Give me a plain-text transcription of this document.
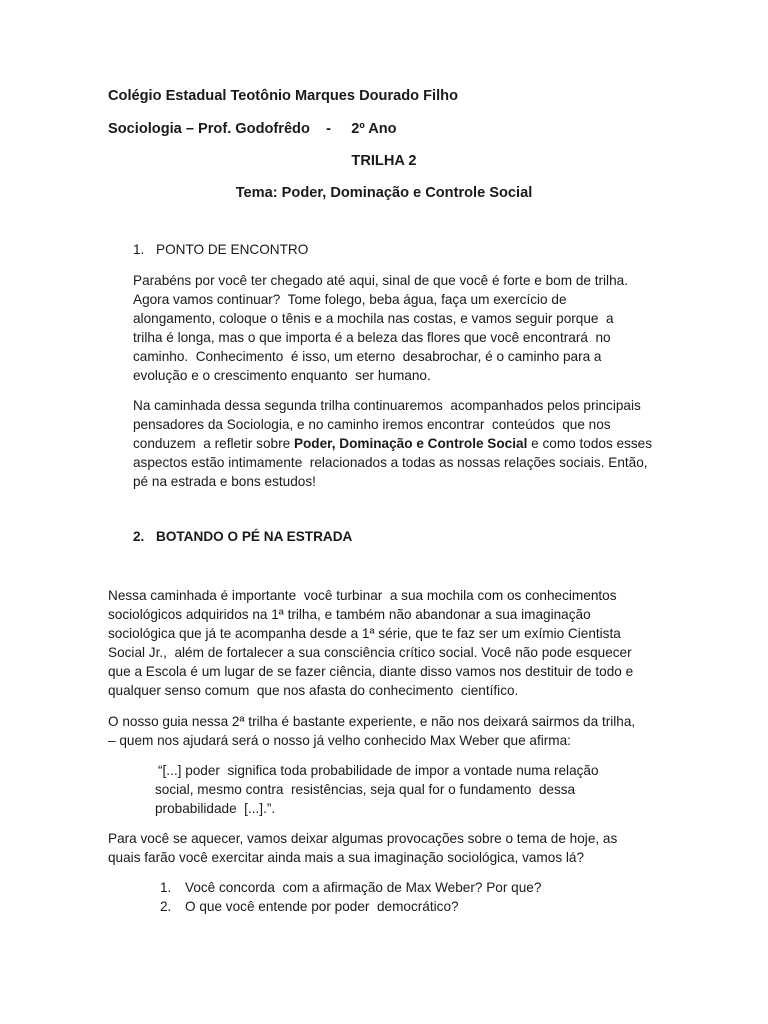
Colégio Estadual Teotônio Marques Dourado Filho
Sociologia – Prof. Godofrêdo    -     2º Ano
TRILHA 2
Tema: Poder, Dominação e Controle Social
1. PONTO DE ENCONTRO
Parabéns por você ter chegado até aqui, sinal de que você é forte e bom de trilha.
Agora vamos continuar?  Tome folego, beba água, faça um exercício de
alongamento, coloque o tênis e a mochila nas costas, e vamos seguir porque  a
trilha é longa, mas o que importa é a beleza das flores que você encontrará  no
caminho.  Conhecimento  é isso, um eterno  desabrochar, é o caminho para a
evolução e o crescimento enquanto  ser humano.
Na caminhada dessa segunda trilha continuaremos  acompanhados pelos principais
pensadores da Sociologia, e no caminho iremos encontrar  conteúdos  que nos
conduzem  a refletir sobre Poder, Dominação e Controle Social e como todos esses
aspectos estão intimamente  relacionados a todas as nossas relações sociais. Então,
pé na estrada e bons estudos!
2. BOTANDO O PÉ NA ESTRADA
Nessa caminhada é importante  você turbinar  a sua mochila com os conhecimentos
sociológicos adquiridos na 1ª trilha, e também não abandonar a sua imaginação
sociológica que já te acompanha desde a 1ª série, que te faz ser um exímio Cientista
Social Jr.,  além de fortalecer a sua consciência crítico social. Você não pode esquecer
que a Escola é um lugar de se fazer ciência, diante disso vamos nos destituir de todo e
qualquer senso comum  que nos afasta do conhecimento  científico.
O nosso guia nessa 2ª trilha é bastante experiente, e não nos deixará sairmos da trilha,
– quem nos ajudará será o nosso já velho conhecido Max Weber que afirma:
“[...] poder  significa toda probabilidade de impor a vontade numa relação
social, mesmo contra  resistências, seja qual for o fundamento  dessa
probabilidade  [...].”.
Para você se aquecer, vamos deixar algumas provocações sobre o tema de hoje, as
quais farão você exercitar ainda mais a sua imaginação sociológica, vamos lá?
1. Você concorda  com a afirmação de Max Weber? Por que?
2. O que você entende por poder  democrático?
